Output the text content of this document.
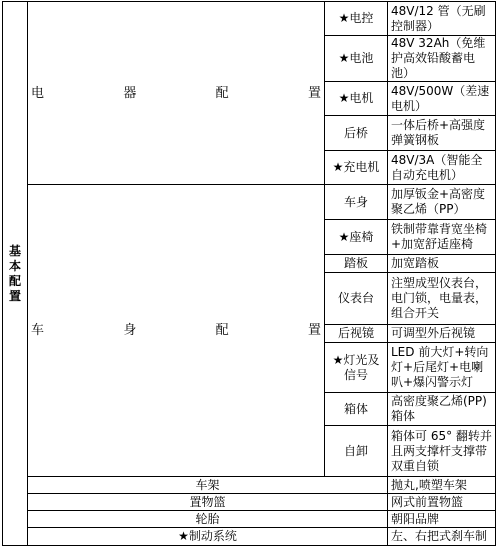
基
本
配
置	电 器 配 置	★电控	48V/12 管（无刷控制器）
		★电池	48V 32Ah（免维护高效铅酸蓄电池）
		★电机	48V/500W（差速电机）
		后桥	一体后桥+高强度弹簧钢板
		★充电机	48V/3A（智能全自动充电机）

	车 身 配 置	车身	加厚钣金+高密度聚乙烯（PP）
		★座椅	铁制带靠背宽坐椅+加宽舒适座椅
		踏板	加宽踏板
		仪表台	注塑成型仪表台，电门锁，电量表，组合开关
		后视镜	可调型外后视镜
		★灯光及信号	LED 前大灯+转向灯+后尾灯+电喇叭+爆闪警示灯
		箱体	高密度聚乙烯(PP)箱体
		自卸	箱体可 65° 翻转并且两支撑杆支撑带双重自锁
	车架		抛丸,喷塑车架
	置物篮		网式前置物篮
	轮胎		朝阳品牌
	★制动系统		左、右把式刹车制
